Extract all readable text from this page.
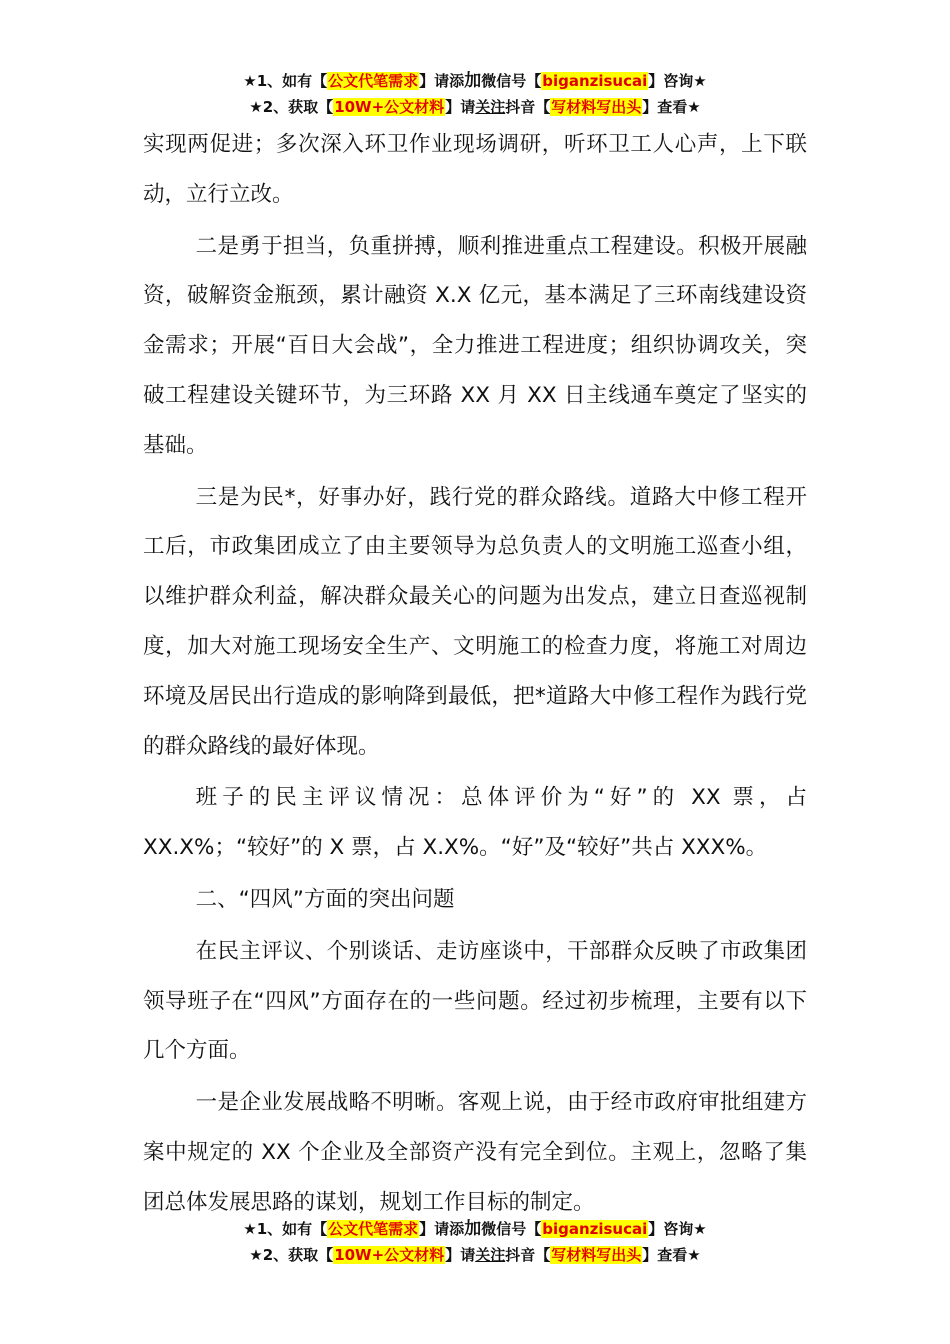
★1、如有【公文代笔需求】请添加微信号【biganzisucai】咨询★
★2、获取【10W+公文材料】请关注抖音【写材料写出头】查看★

实现两促进；多次深入环卫作业现场调研，听环卫工人心声，上下联动，立行立改。

二是勇于担当，负重拼搏，顺利推进重点工程建设。积极开展融资，破解资金瓶颈，累计融资 X.X 亿元，基本满足了三环南线建设资金需求；开展“百日大会战”，全力推进工程进度；组织协调攻关，突破工程建设关键环节，为三环路 XX 月 XX 日主线通车奠定了坚实的基础。

三是为民*，好事办好，践行党的群众路线。道路大中修工程开工后，市政集团成立了由主要领导为总负责人的文明施工巡查小组，以维护群众利益，解决群众最关心的问题为出发点，建立日查巡视制度，加大对施工现场安全生产、文明施工的检查力度，将施工对周边环境及居民出行造成的影响降到最低，把*道路大中修工程作为践行党的群众路线的最好体现。

班子的民主评议情况：总体评价为“好”的 XX 票，占 XX.X%；“较好”的 X 票，占 X.X%。“好”及“较好”共占 XXX%。

二、“四风”方面的突出问题

在民主评议、个别谈话、走访座谈中，干部群众反映了市政集团领导班子在“四风”方面存在的一些问题。经过初步梳理，主要有以下几个方面。

一是企业发展战略不明晰。客观上说，由于经市政府审批组建方案中规定的 XX 个企业及全部资产没有完全到位。主观上，忽略了集团总体发展思路的谋划，规划工作目标的制定。

★1、如有【公文代笔需求】请添加微信号【biganzisucai】咨询★
★2、获取【10W+公文材料】请关注抖音【写材料写出头】查看★
